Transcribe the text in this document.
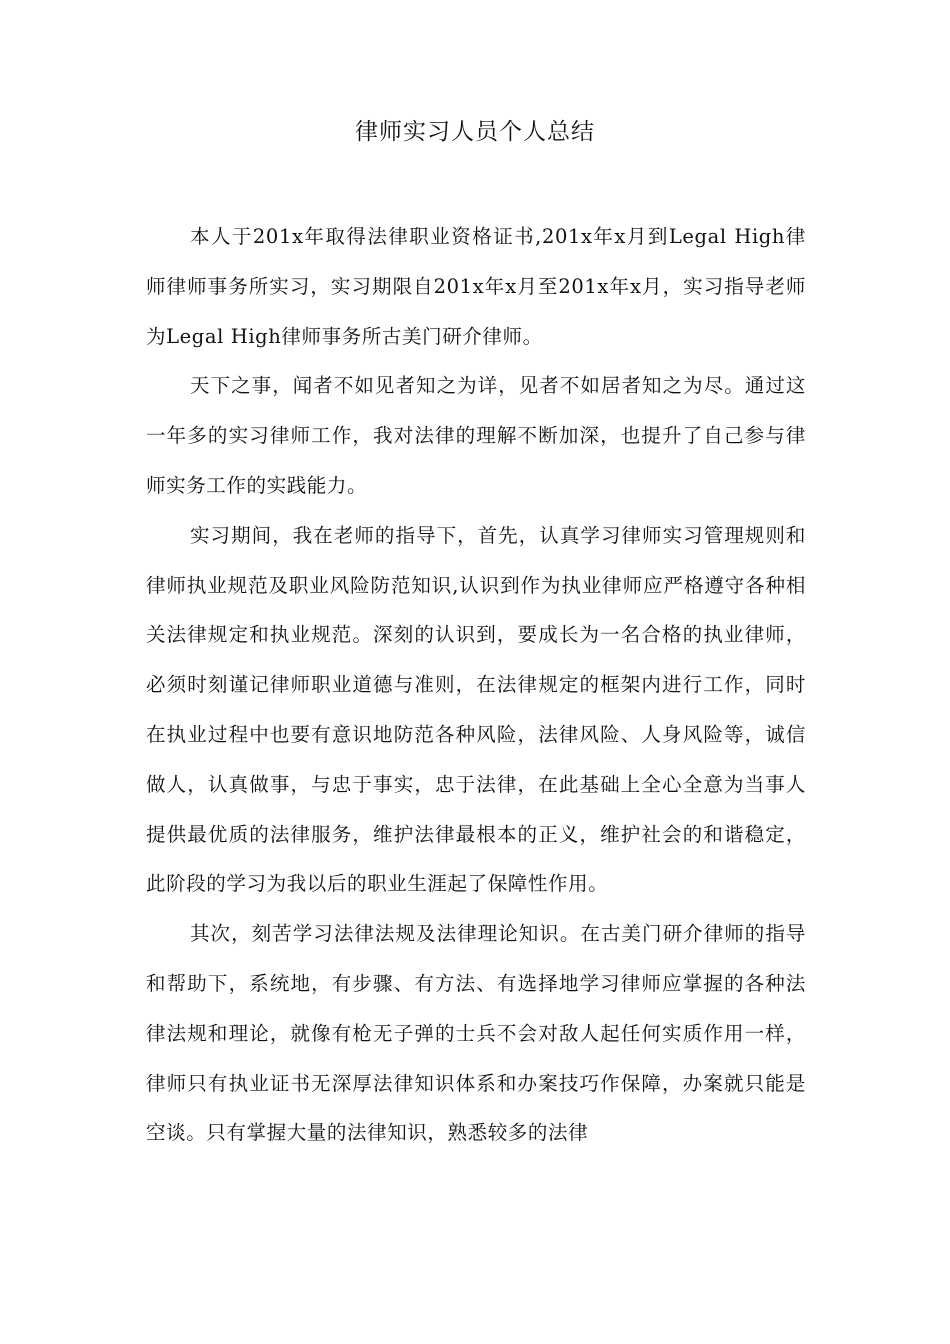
律师实习人员个人总结

本人于201x年取得法律职业资格证书,201x年x月到Legal High律师律师事务所实习，实习期限自201x年x月至201x年x月，实习指导老师为Legal High律师事务所古美门研介律师。

天下之事，闻者不如见者知之为详，见者不如居者知之为尽。通过这一年多的实习律师工作，我对法律的理解不断加深，也提升了自己参与律师实务工作的实践能力。

实习期间，我在老师的指导下，首先，认真学习律师实习管理规则和律师执业规范及职业风险防范知识,认识到作为执业律师应严格遵守各种相关法律规定和执业规范。深刻的认识到，要成长为一名合格的执业律师，必须时刻谨记律师职业道德与准则，在法律规定的框架内进行工作，同时在执业过程中也要有意识地防范各种风险，法律风险、人身风险等，诚信做人，认真做事，与忠于事实，忠于法律，在此基础上全心全意为当事人提供最优质的法律服务，维护法律最根本的正义，维护社会的和谐稳定，此阶段的学习为我以后的职业生涯起了保障性作用。

其次，刻苦学习法律法规及法律理论知识。在古美门研介律师的指导和帮助下，系统地，有步骤、有方法、有选择地学习律师应掌握的各种法律法规和理论，就像有枪无子弹的士兵不会对敌人起任何实质作用一样，律师只有执业证书无深厚法律知识体系和办案技巧作保障，办案就只能是空谈。只有掌握大量的法律知识，熟悉较多的法律
